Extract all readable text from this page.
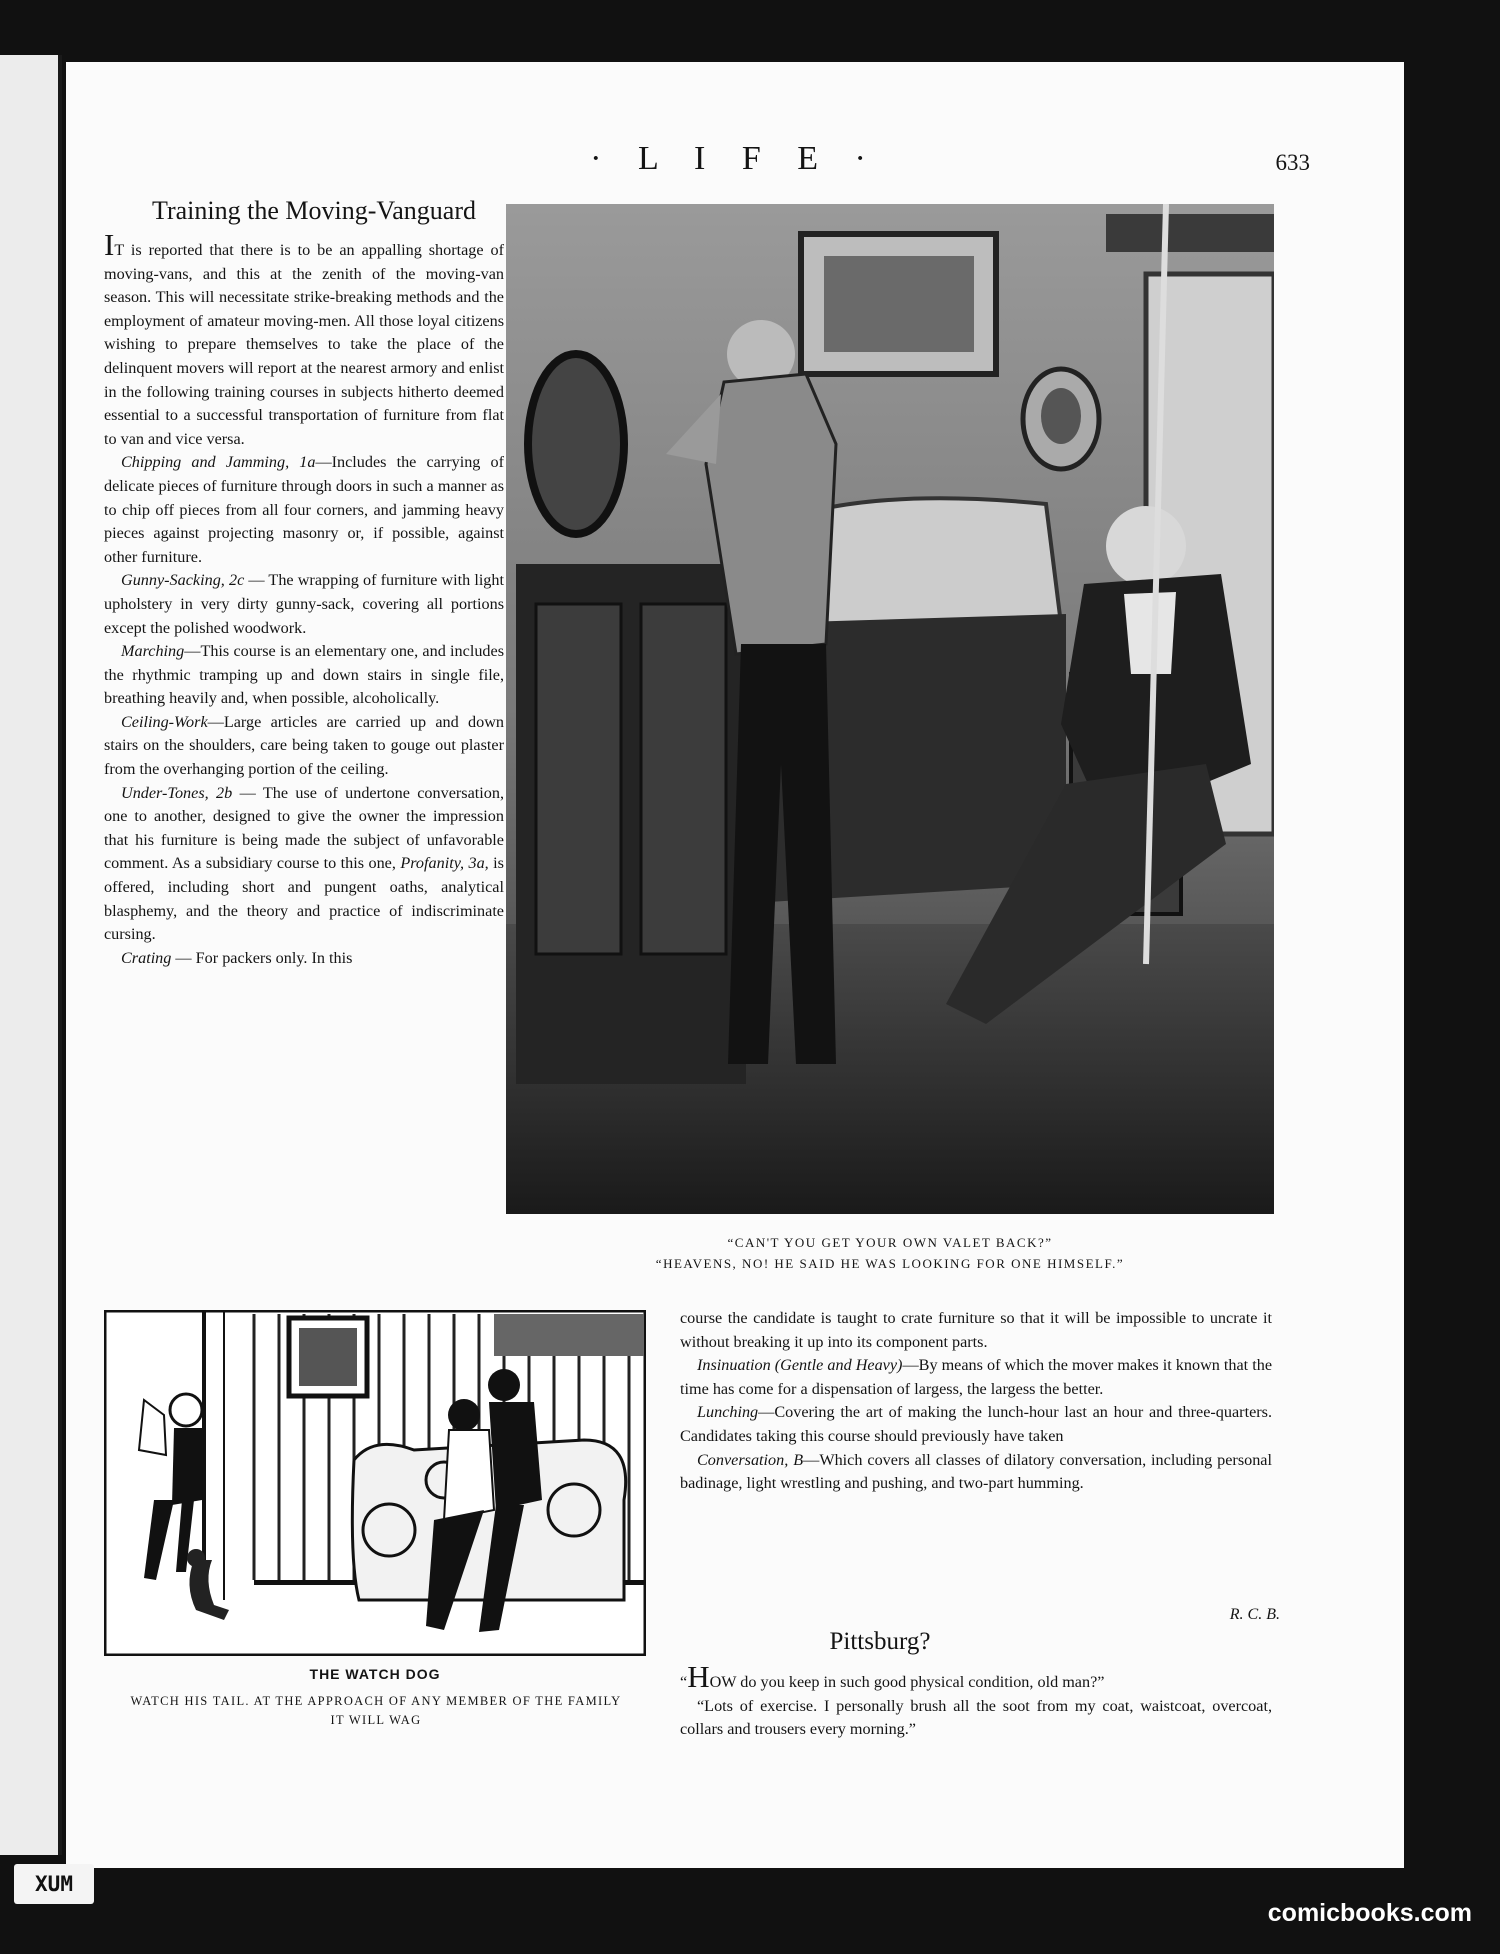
· L I F E ·	633
Training the Moving-Vanguard

IT is reported that there is to be an appalling shortage of moving-vans, and this at the zenith of the moving-van season. This will necessitate strike-breaking methods and the employment of amateur moving-men. All those loyal citizens wishing to prepare themselves to take the place of the delinquent movers will report at the nearest armory and enlist in the following training courses in subjects hitherto deemed essential to a successful transportation of furniture from flat to van and vice versa.

Chipping and Jamming, 1a—Includes the carrying of delicate pieces of furniture through doors in such a manner as to chip off pieces from all four corners, and jamming heavy pieces against projecting masonry or, if possible, against other furniture.

Gunny-Sacking, 2c — The wrapping of furniture with light upholstery in very dirty gunny-sack, covering all portions except the polished woodwork.

Marching—This course is an elementary one, and includes the rhythmic tramping up and down stairs in single file, breathing heavily and, when possible, alcoholically.

Ceiling-Work—Large articles are carried up and down stairs on the shoulders, care being taken to gouge out plaster from the overhanging portion of the ceiling.

Under-Tones, 2b — The use of undertone conversation, one to another, designed to give the owner the impression that his furniture is being made the subject of unfavorable comment. As a subsidiary course to this one, Profanity, 3a, is offered, including short and pungent oaths, analytical blasphemy, and the theory and practice of indiscriminate cursing.

Crating — For packers only. In this

“CAN'T YOU GET YOUR OWN VALET BACK?”
“HEAVENS, NO! HE SAID HE WAS LOOKING FOR ONE HIMSELF.”
THE WATCH DOG
WATCH HIS TAIL. AT THE APPROACH OF ANY MEMBER OF THE FAMILY IT WILL WAG

course the candidate is taught to crate furniture so that it will be impossible to uncrate it without breaking it up into its component parts.

Insinuation (Gentle and Heavy)—By means of which the mover makes it known that the time has come for a dispensation of largess, the largess the better.

Lunching—Covering the art of making the lunch-hour last an hour and three-quarters. Candidates taking this course should previously have taken

Conversation, B—Which covers all classes of dilatory conversation, including personal badinage, light wrestling and pushing, and two-part humming.

R. C. B.
Pittsburg?

“HOW do you keep in such good physical condition, old man?”

“Lots of exercise. I personally brush all the soot from my coat, waistcoat, overcoat, collars and trousers every morning.”

XUM
comicbooks.com
